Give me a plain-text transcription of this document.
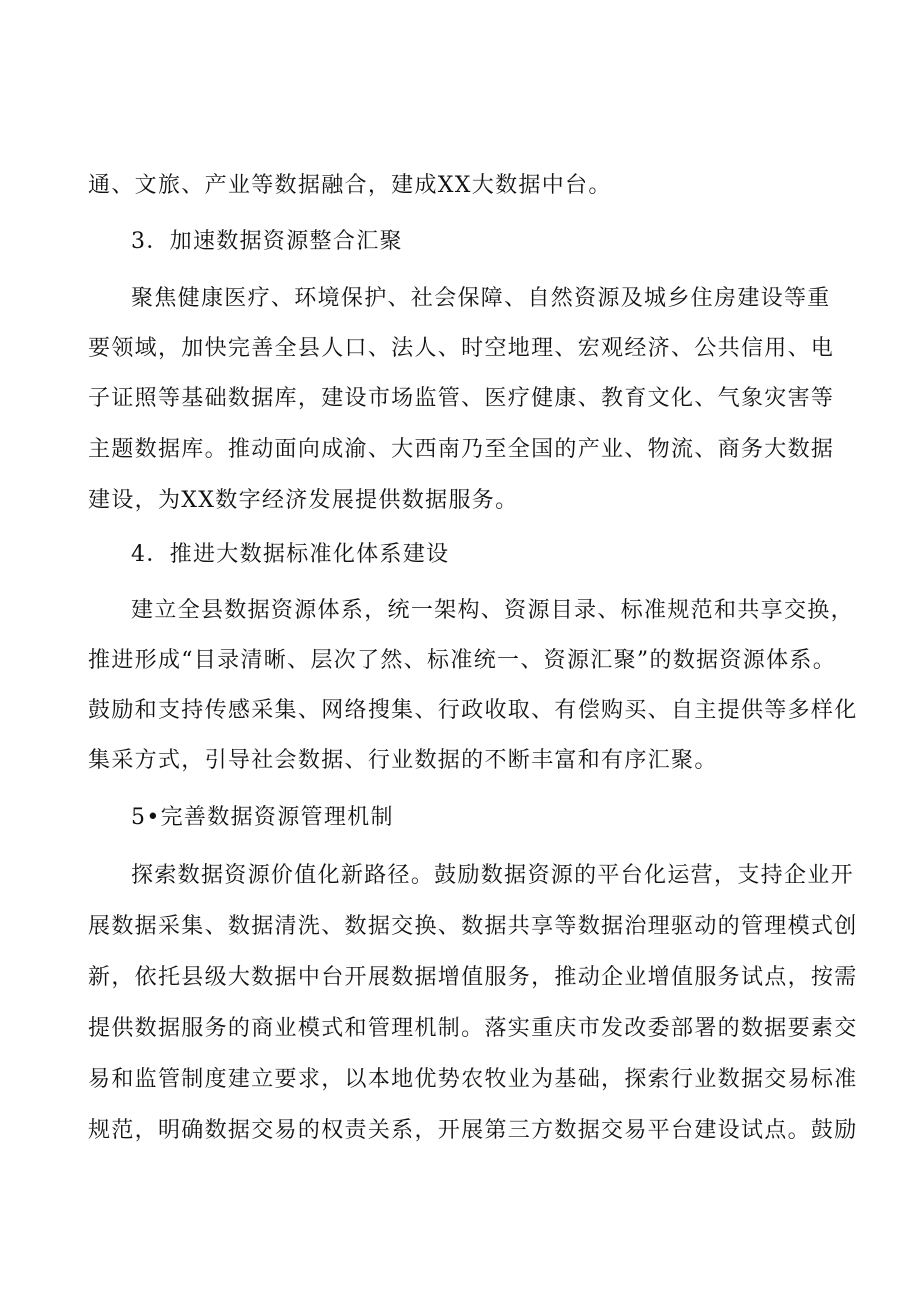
通、文旅、产业等数据融合，建成XX大数据中台。
3．加速数据资源整合汇聚
聚焦健康医疗、环境保护、社会保障、自然资源及城乡住房建设等重
要领域，加快完善全县人口、法人、时空地理、宏观经济、公共信用、电
子证照等基础数据库，建设市场监管、医疗健康、教育文化、气象灾害等
主题数据库。推动面向成渝、大西南乃至全国的产业、物流、商务大数据
建设，为XX数字经济发展提供数据服务。
4．推进大数据标准化体系建设
建立全县数据资源体系，统一架构、资源目录、标准规范和共享交换，
推进形成“目录清晰、层次了然、标准统一、资源汇聚”的数据资源体系。
鼓励和支持传感采集、网络搜集、行政收取、有偿购买、自主提供等多样化
集采方式，引导社会数据、行业数据的不断丰富和有序汇聚。
5•完善数据资源管理机制
探索数据资源价值化新路径。鼓励数据资源的平台化运营，支持企业开
展数据采集、数据清洗、数据交换、数据共享等数据治理驱动的管理模式创
新，依托县级大数据中台开展数据增值服务，推动企业增值服务试点，按需
提供数据服务的商业模式和管理机制。落实重庆市发改委部署的数据要素交
易和监管制度建立要求，以本地优势农牧业为基础，探索行业数据交易标准
规范，明确数据交易的权责关系，开展第三方数据交易平台建设试点。鼓励
